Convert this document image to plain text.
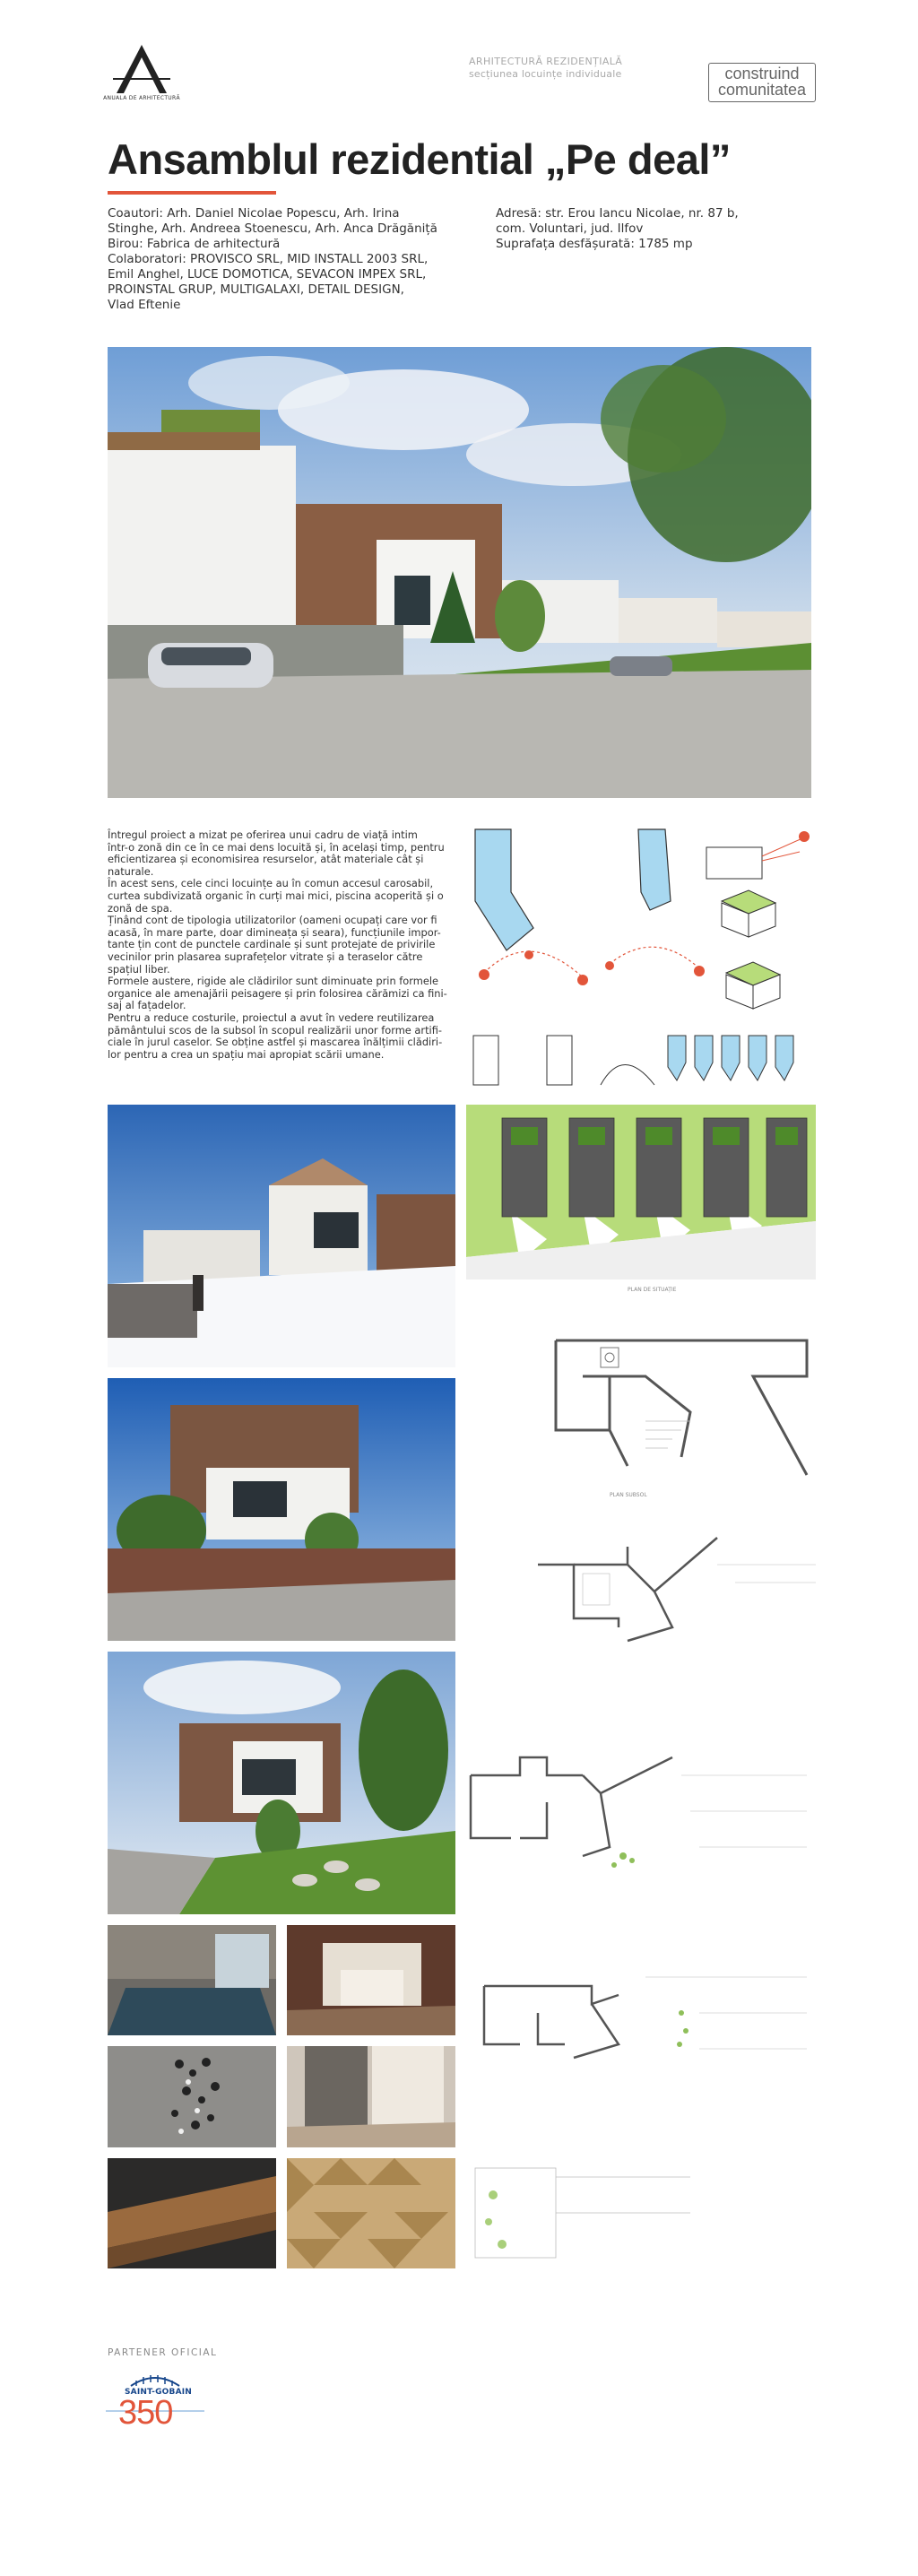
ANUALA DE ARHITECTURĂ
ARHITECTURĂ REZIDENȚIALĂ
secțiunea locuințe individuale	construind
comunitatea
Ansamblul rezidential „Pe deal”
Coautori: Arh. Daniel Nicolae Popescu, Arh. Irina
Stinghe, Arh. Andreea Stoenescu, Arh. Anca Drăgăniță
Birou: Fabrica de arhitectură
Colaboratori: PROVISCO SRL, MID INSTALL 2003 SRL,
Emil Anghel, LUCE DOMOTICA, SEVACON IMPEX SRL,
PROINSTAL GRUP, MULTIGALAXI, DETAIL DESIGN,
Vlad Eftenie
Adresă: str. Erou Iancu Nicolae, nr. 87 b,
com. Voluntari, jud. Ilfov
Suprafața desfășurată: 1785 mp

Întregul proiect a mizat pe oferirea unui cadru de viață intim

într-o zonă din ce în ce mai dens locuită și, în același timp, pentru

eficientizarea și economisirea resurselor, atât materiale cât și

naturale.

În acest sens, cele cinci locuințe au în comun accesul carosabil,

curtea subdivizată organic în curți mai mici, piscina acoperită și o

zonă de spa.

Ținând cont de tipologia utilizatorilor (oameni ocupați care vor fi

acasă, în mare parte, doar dimineața și seara), funcțiunile impor-

tante țin cont de punctele cardinale și sunt protejate de privirile

vecinilor prin plasarea suprafețelor vitrate și a teraselor către

spațiul liber.

Formele austere, rigide ale clădirilor sunt diminuate prin formele

organice ale amenajării peisagere și prin folosirea cărămizi ca fini-

saj al fațadelor.

Pentru a reduce costurile, proiectul a avut în vedere reutilizarea

pământului scos de la subsol în scopul realizării unor forme artifi-

ciale în jurul caselor. Se obține astfel și mascarea înălțimii clădiri-

lor pentru a crea un spațiu mai apropiat scării umane.

PLAN DE SITUAȚIE
PLAN SUBSOL
PARTENER OFICIAL
SAINT-GOBAIN
350
